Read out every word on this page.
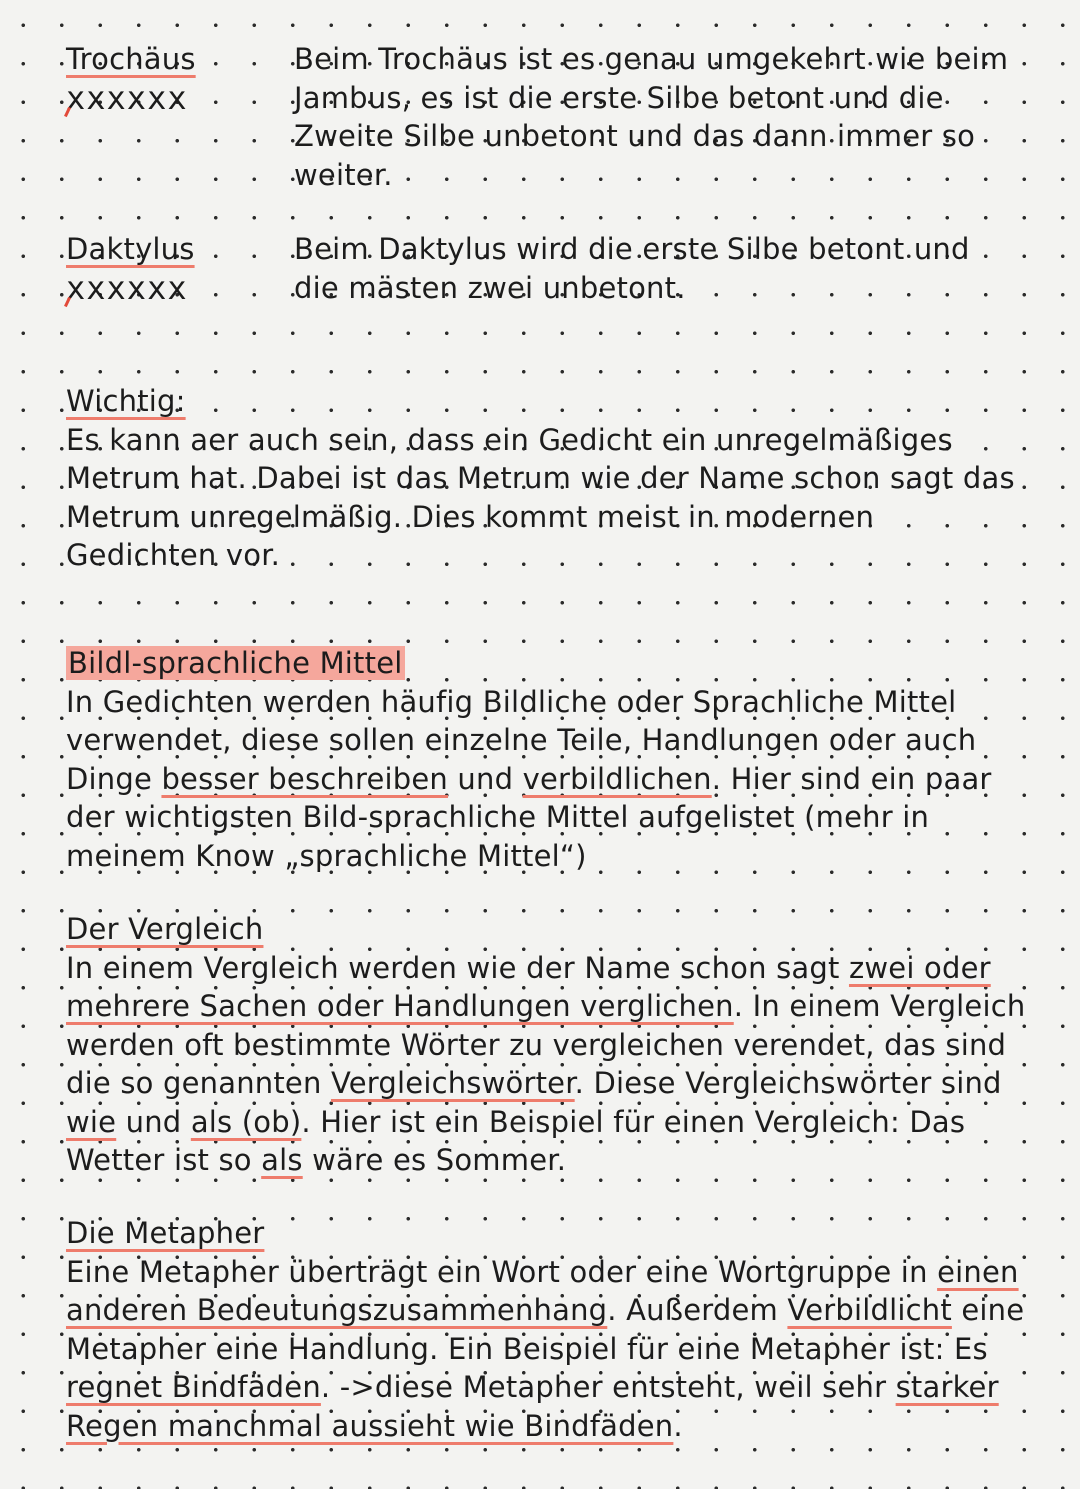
Trochäus
xxxxxx

Beim Trochäus ist es genau umgekehrt wie beim Jambus, es ist die erste Silbe betont und die Zweite Silbe unbetont und das dann immer so weiter.

Daktylus
xxxxxx

Beim Daktylus wird die erste Silbe betont und die mästen zwei unbetont.

Wichtig:

Es kann aer auch sein, dass ein Gedicht ein unregelmäßiges Metrum hat. Dabei ist das Metrum wie der Name schon sagt das Metrum unregelmäßig. Dies kommt meist in modernen Gedichten vor.

Bildl-sprachliche Mittel

In Gedichten werden häufig Bildliche oder Sprachliche Mittel verwendet, diese sollen einzelne Teile, Handlungen oder auch Dinge besser beschreiben und verbildlichen. Hier sind ein paar der wichtigsten Bild-sprachliche Mittel aufgelistet (mehr in meinem Know „sprachliche Mittel“)

Der Vergleich

In einem Vergleich werden wie der Name schon sagt zwei oder mehrere Sachen oder Handlungen verglichen. In einem Vergleich werden oft bestimmte Wörter zu vergleichen verendet, das sind die so genannten Vergleichswörter. Diese Vergleichswörter sind wie und als (ob). Hier ist ein Beispiel für einen Vergleich: Das Wetter ist so als wäre es Sommer.

Die Metapher

Eine Metapher überträgt ein Wort oder eine Wortgruppe in einen anderen Bedeutungszusammenhang. Außerdem Verbildlicht eine Metapher eine Handlung. Ein Beispiel für eine Metapher ist: Es regnet Bindfäden. ->diese Metapher entsteht, weil sehr starker Regen manchmal aussieht wie Bindfäden.
